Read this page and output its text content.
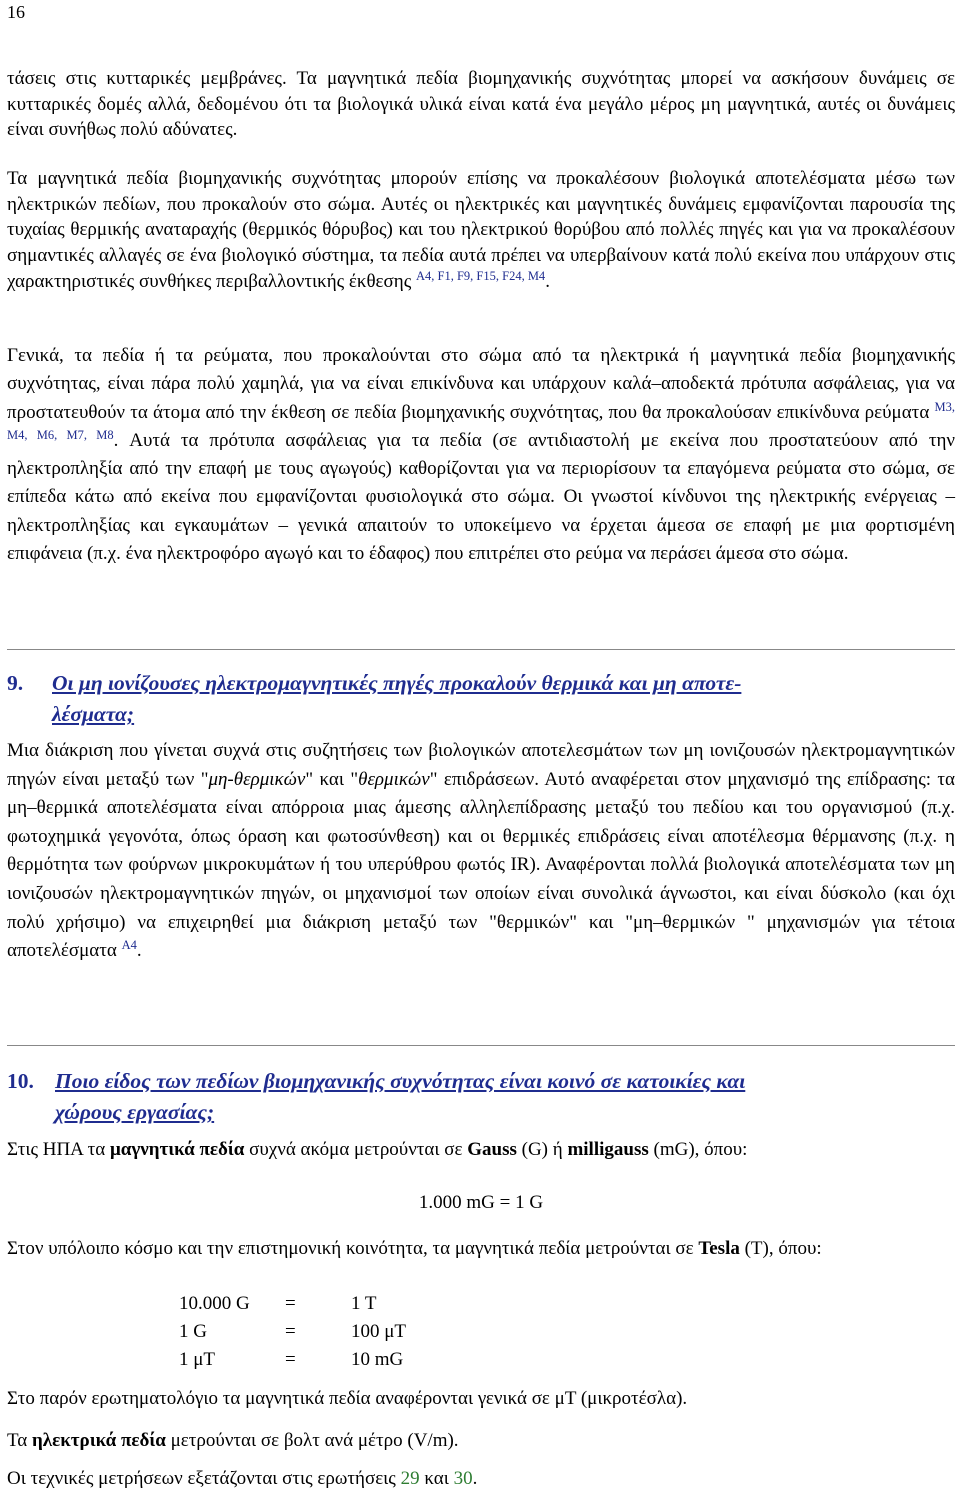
16

τάσεις στις κυτταρικές μεμβράνες. Τα μαγνητικά πεδία βιομηχανικής συχνότητας μπορεί να ασκήσουν δυνάμεις σε κυτταρικές δομές αλλά, δεδομένου ότι τα βιολογικά υλικά είναι κατά ένα μεγάλο μέρος μη μαγνητικά, αυτές οι δυνάμεις είναι συνήθως πολύ αδύνατες.

Τα μαγνητικά πεδία βιομηχανικής συχνότητας μπορούν επίσης να προκαλέσουν βιολογικά αποτελέσματα μέσω των ηλεκτρικών πεδίων, που προκαλούν στο σώμα. Αυτές οι ηλεκτρικές και μαγνητικές δυνάμεις εμφανίζονται παρουσία της τυχαίας θερμικής αναταραχής (θερμικός θόρυβος) και του ηλεκτρικού θορύβου από πολλές πηγές και για να προκαλέσουν σημαντικές αλλαγές σε ένα βιολογικό σύστημα, τα πεδία αυτά πρέπει να υπερβαίνουν κατά πολύ εκείνα που υπάρχουν στις χαρακτηριστικές συνθήκες περιβαλλοντικής έκθεσης $^{A4, F1, F9, F15, F24, M4}$.

Γενικά, τα πεδία ή τα ρεύματα, που προκαλούνται στο σώμα από τα ηλεκτρικά ή μαγνητικά πεδία βιομηχανικής συχνότητας, είναι πάρα πολύ χαμηλά, για να είναι επικίνδυνα και υπάρχουν καλά–αποδεκτά πρότυπα ασφάλειας, για να προστατευθούν τα άτομα από την έκθεση σε πεδία βιομηχανικής συχνότητας, που θα προκαλούσαν επικίνδυνα ρεύματα $^{M3, M4, M6, M7, M8}$. Αυτά τα πρότυπα ασφάλειας για τα πεδία (σε αντιδιαστολή με εκείνα που προστατεύουν από την ηλεκτροπληξία από την επαφή με τους αγωγούς) καθορίζονται για να περιορίσουν τα επαγόμενα ρεύματα στο σώμα, σε επίπεδα κάτω από εκείνα που εμφανίζονται φυσιολογικά στο σώμα. Οι γνωστοί κίνδυνοι της ηλεκτρικής ενέργειας – ηλεκτροπληξίας και εγκαυμάτων – γενικά απαιτούν το υποκείμενο να έρχεται άμεσα σε επαφή με μια φορτισμένη επιφάνεια (π.χ. ένα ηλεκτροφόρο αγωγό και το έδαφος) που επιτρέπει στο ρεύμα να περάσει άμεσα στο σώμα.

9. Οι μη ιονίζουσες ηλεκτρομαγνητικές πηγές προκαλούν θερμικά και μη αποτε-
λέσματα;

Μια διάκριση που γίνεται συχνά στις συζητήσεις των βιολογικών αποτελεσμάτων των μη ιονιζουσών ηλεκτρομαγνητικών πηγών είναι μεταξύ των "μη-θερμικών" και "θερμικών" επιδράσεων. Αυτό αναφέρεται στον μηχανισμό της επίδρασης: τα μη–θερμικά αποτελέσματα είναι απόρροια μιας άμεσης αλληλεπίδρασης μεταξύ του πεδίου και του οργανισμού (π.χ. φωτοχημικά γεγονότα, όπως όραση και φωτοσύνθεση) και οι θερμικές επιδράσεις είναι αποτέλεσμα θέρμανσης (π.χ. η θερμότητα των φούρνων μικροκυμάτων ή του υπερύθρου φωτός IR). Αναφέρονται πολλά βιολογικά αποτελέσματα των μη ιονιζουσών ηλεκτρομαγνητικών πηγών, οι μηχανισμοί των οποίων είναι συνολικά άγνωστοι, και είναι δύσκολο (και όχι πολύ χρήσιμο) να επιχειρηθεί μια διάκριση μεταξύ των "θερμικών" και "μη–θερμικών " μηχανισμών για τέτοια αποτελέσματα $^{A4}$.

10. Ποιο είδος των πεδίων βιομηχανικής συχνότητας είναι κοινό σε κατοικίες και
χώρους εργασίας;

Στις ΗΠΑ τα μαγνητικά πεδία συχνά ακόμα μετρούνται σε Gauss (G) ή milligauss (mG), όπου:

1.000 mG = 1 G

Στον υπόλοιπο κόσμο και την επιστημονική κοινότητα, τα μαγνητικά πεδία μετρούνται σε Tesla (T), όπου:

10.000 G	=	1 T
1 G	=	100 μT
1 μT	=	10 mG
Στο παρόν ερωτηματολόγιο τα μαγνητικά πεδία αναφέρονται γενικά σε μT (μικροτέσλα).
Τα ηλεκτρικά πεδία μετρούνται σε βολτ ανά μέτρο (V/m).
Οι τεχνικές μετρήσεων εξετάζονται στις ερωτήσεις 29 και 30.
